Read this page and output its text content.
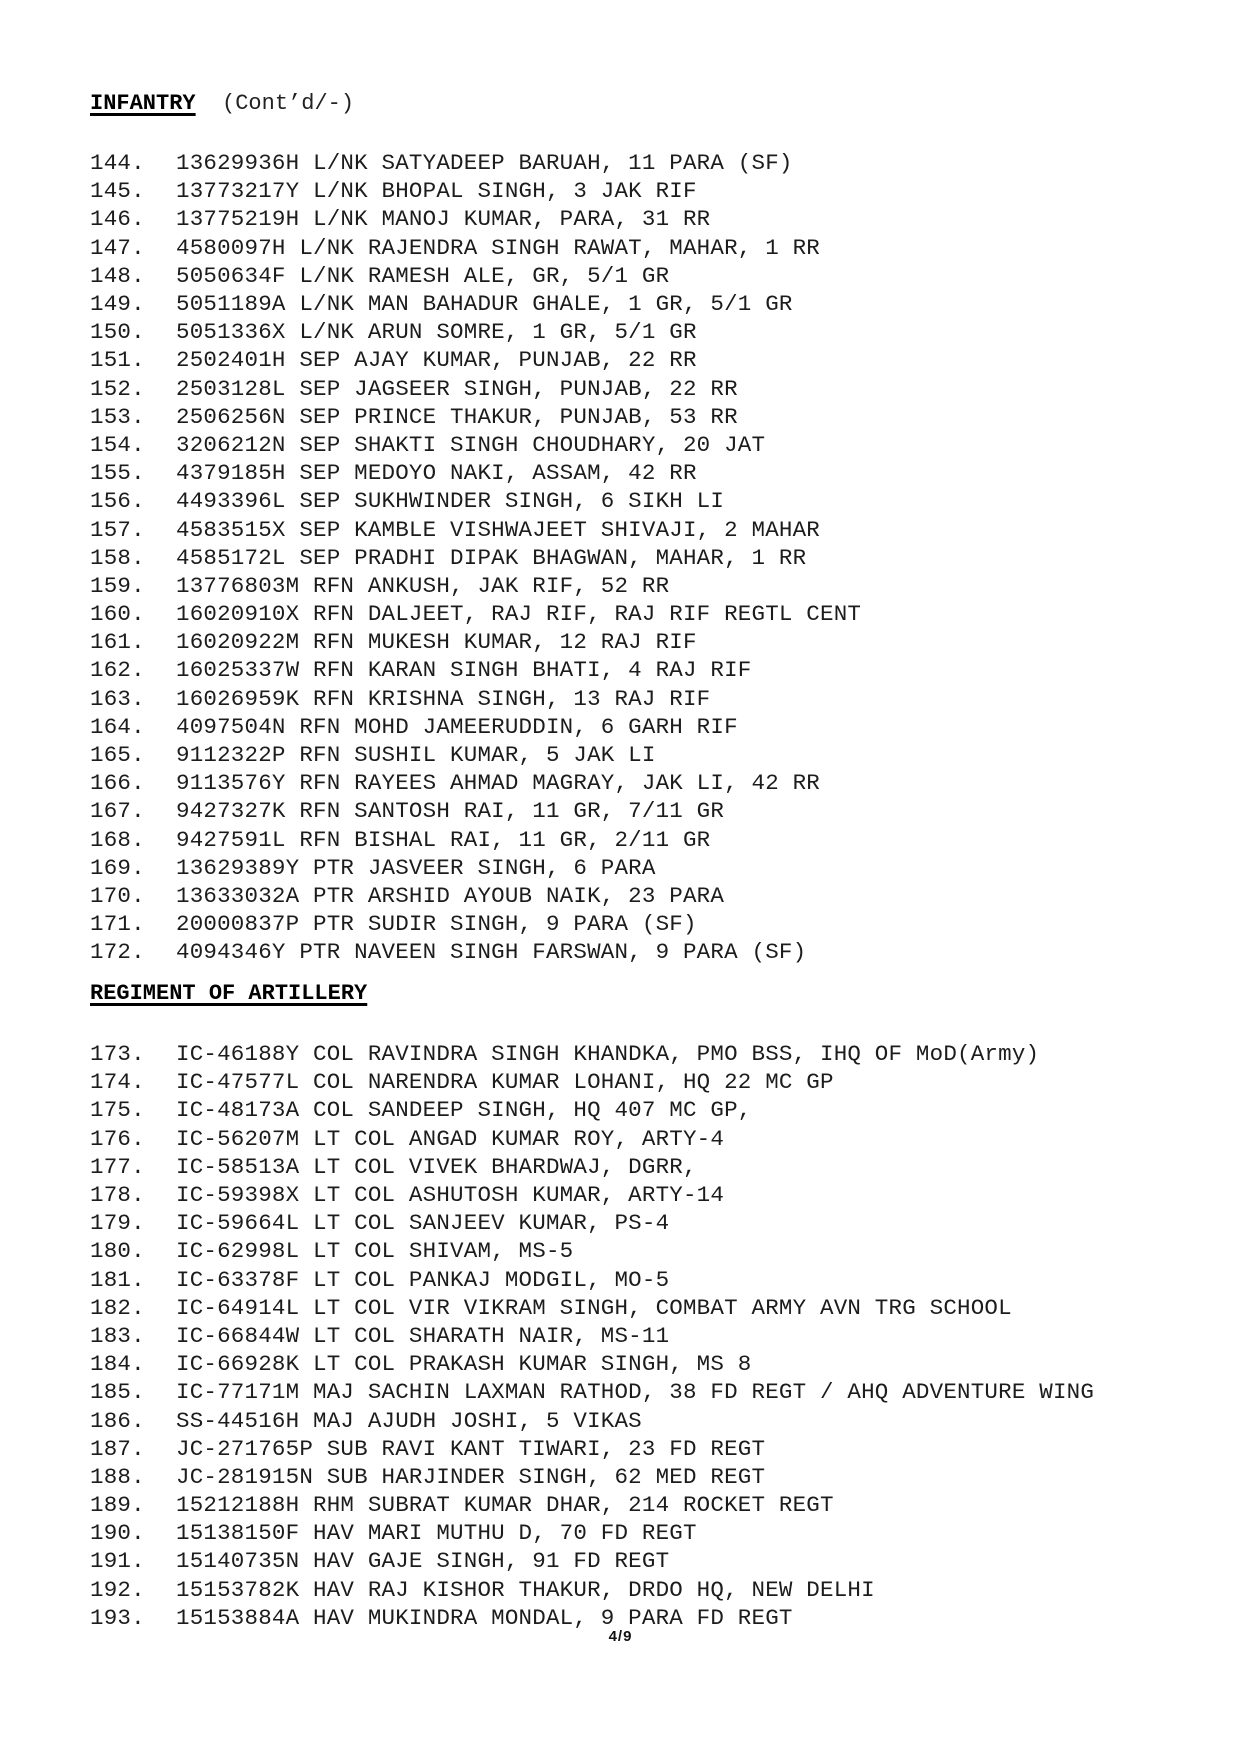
INFANTRY  (Cont’d/-)
144.	13629936H L/NK SATYADEEP BARUAH, 11 PARA (SF)
145.	13773217Y L/NK BHOPAL SINGH, 3 JAK RIF
146.	13775219H L/NK MANOJ KUMAR, PARA, 31 RR
147.	4580097H L/NK RAJENDRA SINGH RAWAT, MAHAR, 1 RR
148.	5050634F L/NK RAMESH ALE, GR, 5/1 GR
149.	5051189A L/NK MAN BAHADUR GHALE, 1 GR, 5/1 GR
150.	5051336X L/NK ARUN SOMRE, 1 GR, 5/1 GR
151.	2502401H SEP AJAY KUMAR, PUNJAB, 22 RR
152.	2503128L SEP JAGSEER SINGH, PUNJAB, 22 RR
153.	2506256N SEP PRINCE THAKUR, PUNJAB, 53 RR
154.	3206212N SEP SHAKTI SINGH CHOUDHARY, 20 JAT
155.	4379185H SEP MEDOYO NAKI, ASSAM, 42 RR
156.	4493396L SEP SUKHWINDER SINGH, 6 SIKH LI
157.	4583515X SEP KAMBLE VISHWAJEET SHIVAJI, 2 MAHAR
158.	4585172L SEP PRADHI DIPAK BHAGWAN, MAHAR, 1 RR
159.	13776803M RFN ANKUSH, JAK RIF, 52 RR
160.	16020910X RFN DALJEET, RAJ RIF, RAJ RIF REGTL CENT
161.	16020922M RFN MUKESH KUMAR, 12 RAJ RIF
162.	16025337W RFN KARAN SINGH BHATI, 4 RAJ RIF
163.	16026959K RFN KRISHNA SINGH, 13 RAJ RIF
164.	4097504N RFN MOHD JAMEERUDDIN, 6 GARH RIF
165.	9112322P RFN SUSHIL KUMAR, 5 JAK LI
166.	9113576Y RFN RAYEES AHMAD MAGRAY, JAK LI, 42 RR
167.	9427327K RFN SANTOSH RAI, 11 GR, 7/11 GR
168.	9427591L RFN BISHAL RAI, 11 GR, 2/11 GR
169.	13629389Y PTR JASVEER SINGH, 6 PARA
170.	13633032A PTR ARSHID AYOUB NAIK, 23 PARA
171.	20000837P PTR SUDIR SINGH, 9 PARA (SF)
172.	4094346Y PTR NAVEEN SINGH FARSWAN, 9 PARA (SF)
REGIMENT OF ARTILLERY
173.	IC-46188Y COL RAVINDRA SINGH KHANDKA, PMO BSS, IHQ OF MoD(Army)
174.	IC-47577L COL NARENDRA KUMAR LOHANI, HQ 22 MC GP
175.	IC-48173A COL SANDEEP SINGH, HQ 407 MC GP,
176.	IC-56207M LT COL ANGAD KUMAR ROY, ARTY-4
177.	IC-58513A LT COL VIVEK BHARDWAJ, DGRR,
178.	IC-59398X LT COL ASHUTOSH KUMAR, ARTY-14
179.	IC-59664L LT COL SANJEEV KUMAR, PS-4
180.	IC-62998L LT COL SHIVAM, MS-5
181.	IC-63378F LT COL PANKAJ MODGIL, MO-5
182.	IC-64914L LT COL VIR VIKRAM SINGH, COMBAT ARMY AVN TRG SCHOOL
183.	IC-66844W LT COL SHARATH NAIR, MS-11
184.	IC-66928K LT COL PRAKASH KUMAR SINGH, MS 8
185.	IC-77171M MAJ SACHIN LAXMAN RATHOD, 38 FD REGT / AHQ ADVENTURE WING
186.	SS-44516H MAJ AJUDH JOSHI, 5 VIKAS
187.	JC-271765P SUB RAVI KANT TIWARI, 23 FD REGT
188.	JC-281915N SUB HARJINDER SINGH, 62 MED REGT
189.	15212188H RHM SUBRAT KUMAR DHAR, 214 ROCKET REGT
190.	15138150F HAV MARI MUTHU D, 70 FD REGT
191.	15140735N HAV GAJE SINGH, 91 FD REGT
192.	15153782K HAV RAJ KISHOR THAKUR, DRDO HQ, NEW DELHI
193.	15153884A HAV MUKINDRA MONDAL, 9 PARA FD REGT
4/9
